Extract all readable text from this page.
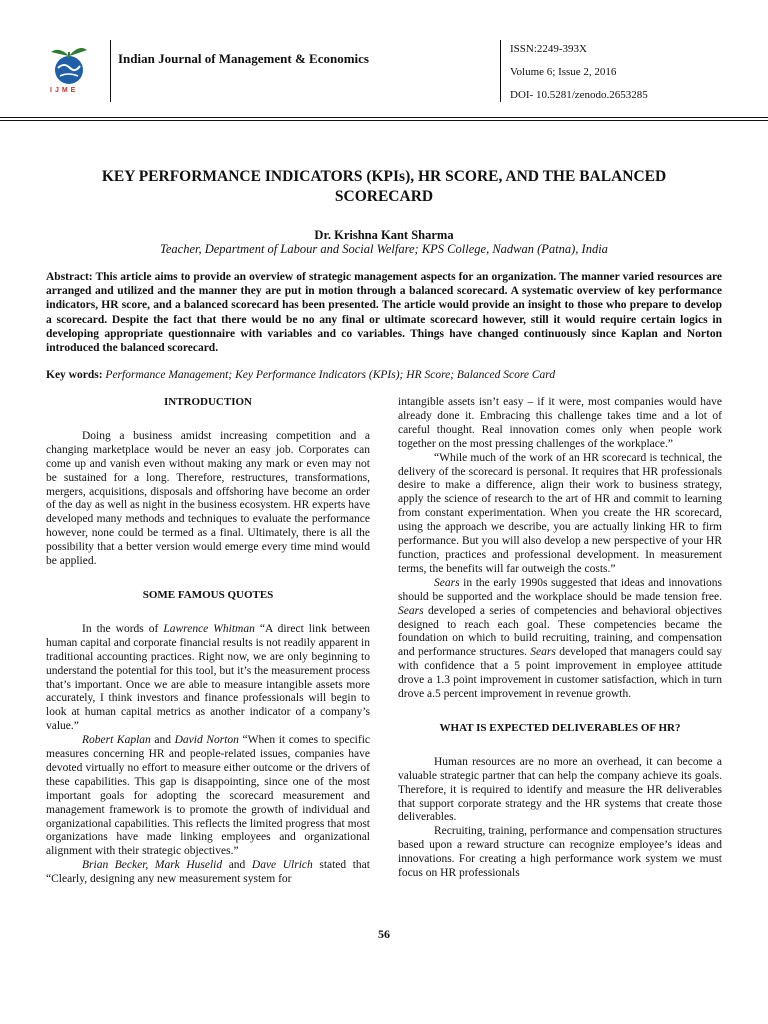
IJME
Indian Journal of Management & Economics
ISSN:2249-393X
Volume 6; Issue 2, 2016
DOI- 10.5281/zenodo.2653285
KEY PERFORMANCE INDICATORS (KPIs), HR SCORE, AND THE BALANCED
SCORECARD
Dr. Krishna Kant Sharma
Teacher, Department of Labour and Social Welfare; KPS College, Nadwan (Patna), India
Abstract: This article aims to provide an overview of strategic management aspects for an organization. The manner varied resources are arranged and utilized and the manner they are put in motion through a balanced scorecard. A systematic overview of key performance indicators, HR score, and a balanced scorecard has been presented. The article would provide an insight to those who prepare to develop a scorecard. Despite the fact that there would be no any final or ultimate scorecard however, still it would require certain logics in developing appropriate questionnaire with variables and co variables. Things have changed continuously since Kaplan and Norton introduced the balanced scorecard.
Key words: Performance Management; Key Performance Indicators (KPIs); HR Score; Balanced Score Card

INTRODUCTION

Doing a business amidst increasing competition and a changing marketplace would be never an easy job. Corporates can come up and vanish even without making any mark or even may not be sustained for a long. Therefore, restructures, transformations, mergers, acquisitions, disposals and offshoring have become an order of the day as well as night in the business ecosystem. HR experts have developed many methods and techniques to evaluate the performance however, none could be termed as a final. Ultimately, there is all the possibility that a better version would emerge every time mind would be applied.

SOME FAMOUS QUOTES

In the words of Lawrence Whitman “A direct link between human capital and corporate financial results is not readily apparent in traditional accounting practices. Right now, we are only beginning to understand the potential for this tool, but it’s the measurement process that’s important. Once we are able to measure intangible assets more accurately, I think investors and finance professionals will begin to look at human capital metrics as another indicator of a company’s value.”

Robert Kaplan and David Norton “When it comes to specific measures concerning HR and people-related issues, companies have devoted virtually no effort to measure either outcome or the drivers of these capabilities. This gap is disappointing, since one of the most important goals for adopting the scorecard measurement and management framework is to promote the growth of individual and organizational capabilities. This reflects the limited progress that most organizations have made linking employees and organizational alignment with their strategic objectives.”

Brian Becker, Mark Huselid and Dave Ulrich stated that “Clearly, designing any new measurement system for

intangible assets isn’t easy – if it were, most companies would have already done it. Embracing this challenge takes time and a lot of careful thought. Real innovation comes only when people work together on the most pressing challenges of the workplace.”

“While much of the work of an HR scorecard is technical, the delivery of the scorecard is personal. It requires that HR professionals desire to make a difference, align their work to business strategy, apply the science of research to the art of HR and commit to learning from constant experimentation. When you create the HR scorecard, using the approach we describe, you are actually linking HR to firm performance. But you will also develop a new perspective of your HR function, practices and professional development. In measurement terms, the benefits will far outweigh the costs.”

Sears in the early 1990s suggested that ideas and innovations should be supported and the workplace should be made tension free. Sears developed a series of competencies and behavioral objectives designed to reach each goal. These competencies became the foundation on which to build recruiting, training, and compensation and performance structures. Sears developed that managers could say with confidence that a 5 point improvement in employee attitude drove a 1.3 point improvement in customer satisfaction, which in turn drove a.5 percent improvement in revenue growth.

WHAT IS EXPECTED DELIVERABLES OF HR?

Human resources are no more an overhead, it can become a valuable strategic partner that can help the company achieve its goals. Therefore, it is required to identify and measure the HR deliverables that support corporate strategy and the HR systems that create those deliverables.

Recruiting, training, performance and compensation structures based upon a reward structure can recognize employee’s ideas and innovations. For creating a high performance work system we must focus on HR professionals

56
